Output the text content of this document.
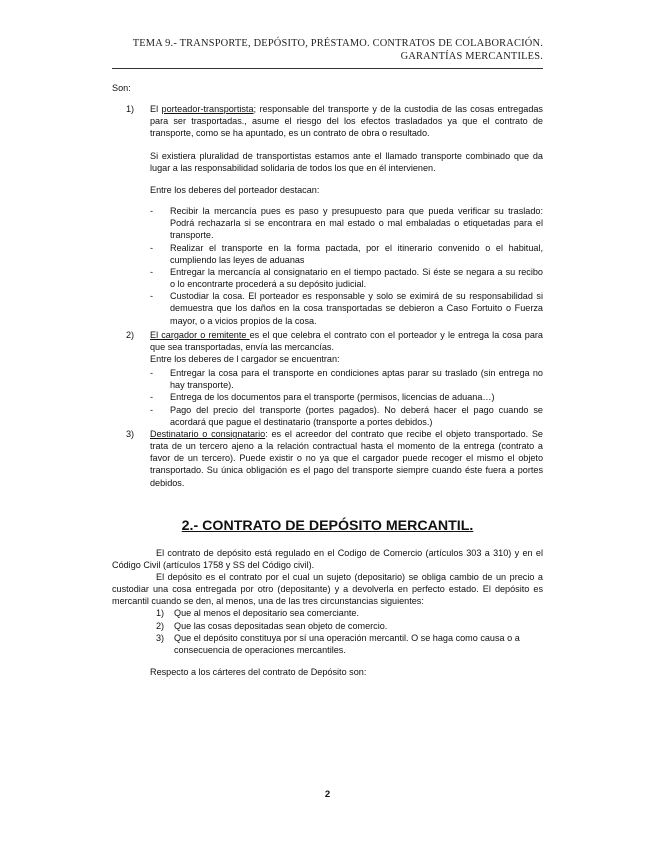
TEMA 9.- TRANSPORTE, DEPÓSITO, PRÉSTAMO. CONTRATOS DE COLABORACIÓN.
GARANTÍAS MERCANTILES.

Son:

1)	El porteador-transportista; responsable del transporte y de la custodia de las cosas entregadas para ser trasportadas., asume el riesgo del los efectos trasladados ya que el contrato de transporte, como se ha apuntado, es un contrato de obra o resultado.

Si existiera pluralidad de transportistas estamos ante el llamado transporte combinado que da lugar a las responsabilidad solidaria de todos los que en él intervienen.

Entre los deberes del porteador destacan:

-	Recibir la mercancía pues es paso y presupuesto para que pueda verificar su traslado: Podrá rechazarla si se encontrara en mal estado o mal embaladas o etiquetadas para el transporte.
-	Realizar el transporte en la forma pactada, por el itinerario convenido o el habitual, cumpliendo las leyes de aduanas
-	Entregar la mercancía al consignatario en el tiempo pactado. Si éste se negara a su recibo o lo encontrarte procederá a su depósito judicial.
-	Custodiar la cosa. El porteador es responsable y solo se eximirá de su responsabilidad si demuestra que los daños en la cosa transportadas se debieron a Caso Fortuito o Fuerza mayor, o a vicios propios de la cosa.
2)	El cargador o remitente es el que celebra el contrato con el porteador y le entrega la cosa para que sea transportadas, envía las mercancías.
Entre los deberes de l cargador se encuentran:
-	Entregar la cosa para el transporte en condiciones aptas parar su traslado (sin entrega no hay transporte).
-	Entrega de los documentos para el transporte (permisos, licencias de aduana…)
-	Pago del precio del transporte (portes pagados). No deberá hacer el pago cuando se acordará que pague el destinatario (transporte a portes debidos.)
3)	Destinatario o consignatario: es el acreedor del contrato que recibe el objeto transportado. Se trata de un tercero ajeno a la relación contractual hasta el momento de la entrega (contrato a favor de un tercero). Puede existir o no ya que el cargador puede recoger el mismo el objeto transportado. Su única obligación es el pago del transporte siempre cuando éste fuera a portes debidos.
2.- CONTRATO DE DEPÓSITO MERCANTIL.

El contrato de depósito está regulado en el Codigo de Comercio (artículos 303 a 310) y en el Código Civil (artículos 1758 y SS del Código civil).

El depósito es el contrato por el cual un sujeto (depositario) se obliga cambio de un precio a custodiar una cosa entregada por otro (depositante) y a devolverla en perfecto estado. El depósito es mercantil cuando se den, al menos, una de las tres circunstancias siguientes:

1)	Que al menos el depositario sea comerciante.
2)	Que las cosas depositadas sean objeto de comercio.
3)	Que el depósito constituya por sí una operación mercantil. O se haga como causa o a consecuencia de operaciones mercantiles.

Respecto a los cárteres del contrato de Depósito son:

2
